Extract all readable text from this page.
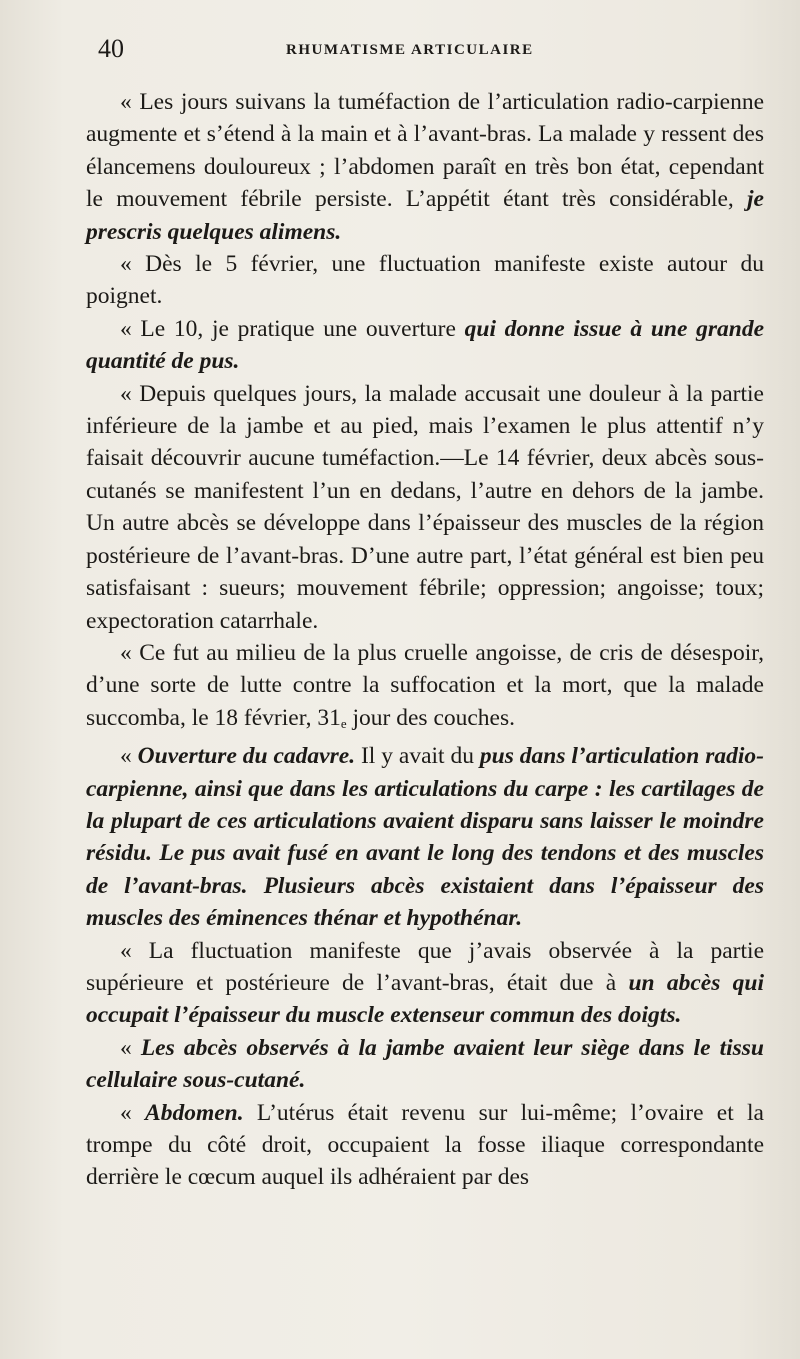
40	RHUMATISME ARTICULAIRE

« Les jours suivans la tuméfaction de l’articulation radio-carpienne augmente et s’étend à la main et à l’avant-bras. La malade y ressent des élancemens douloureux ; l’abdomen paraît en très bon état, cependant le mouvement fébrile persiste. L’appétit étant très considérable, je prescris quelques alimens.

« Dès le 5 février, une fluctuation manifeste existe autour du poignet.

« Le 10, je pratique une ouverture qui donne issue à une grande quantité de pus.

« Depuis quelques jours, la malade accusait une douleur à la partie inférieure de la jambe et au pied, mais l’examen le plus attentif n’y faisait découvrir aucune tuméfaction.—Le 14 février, deux abcès sous-cutanés se manifestent l’un en dedans, l’autre en dehors de la jambe. Un autre abcès se développe dans l’épaisseur des muscles de la région postérieure de l’avant-bras. D’une autre part, l’état général est bien peu satisfaisant : sueurs; mouvement fébrile; oppression; angoisse; toux; expectoration catarrhale.

« Ce fut au milieu de la plus cruelle angoisse, de cris de désespoir, d’une sorte de lutte contre la suffocation et la mort, que la malade succomba, le 18 février, $31_e$ jour des couches.

« Ouverture du cadavre. Il y avait du pus dans l’articulation radio-carpienne, ainsi que dans les articulations du carpe : les cartilages de la plupart de ces articulations avaient disparu sans laisser le moindre résidu. Le pus avait fusé en avant le long des tendons et des muscles de l’avant-bras. Plusieurs abcès existaient dans l’épaisseur des muscles des éminences thénar et hypothénar.

« La fluctuation manifeste que j’avais observée à la partie supérieure et postérieure de l’avant-bras, était due à un abcès qui occupait l’épaisseur du muscle extenseur commun des doigts.

« Les abcès observés à la jambe avaient leur siège dans le tissu cellulaire sous-cutané.

« Abdomen. L’utérus était revenu sur lui-même; l’ovaire et la trompe du côté droit, occupaient la fosse iliaque correspondante derrière le cœcum auquel ils adhéraient par des
